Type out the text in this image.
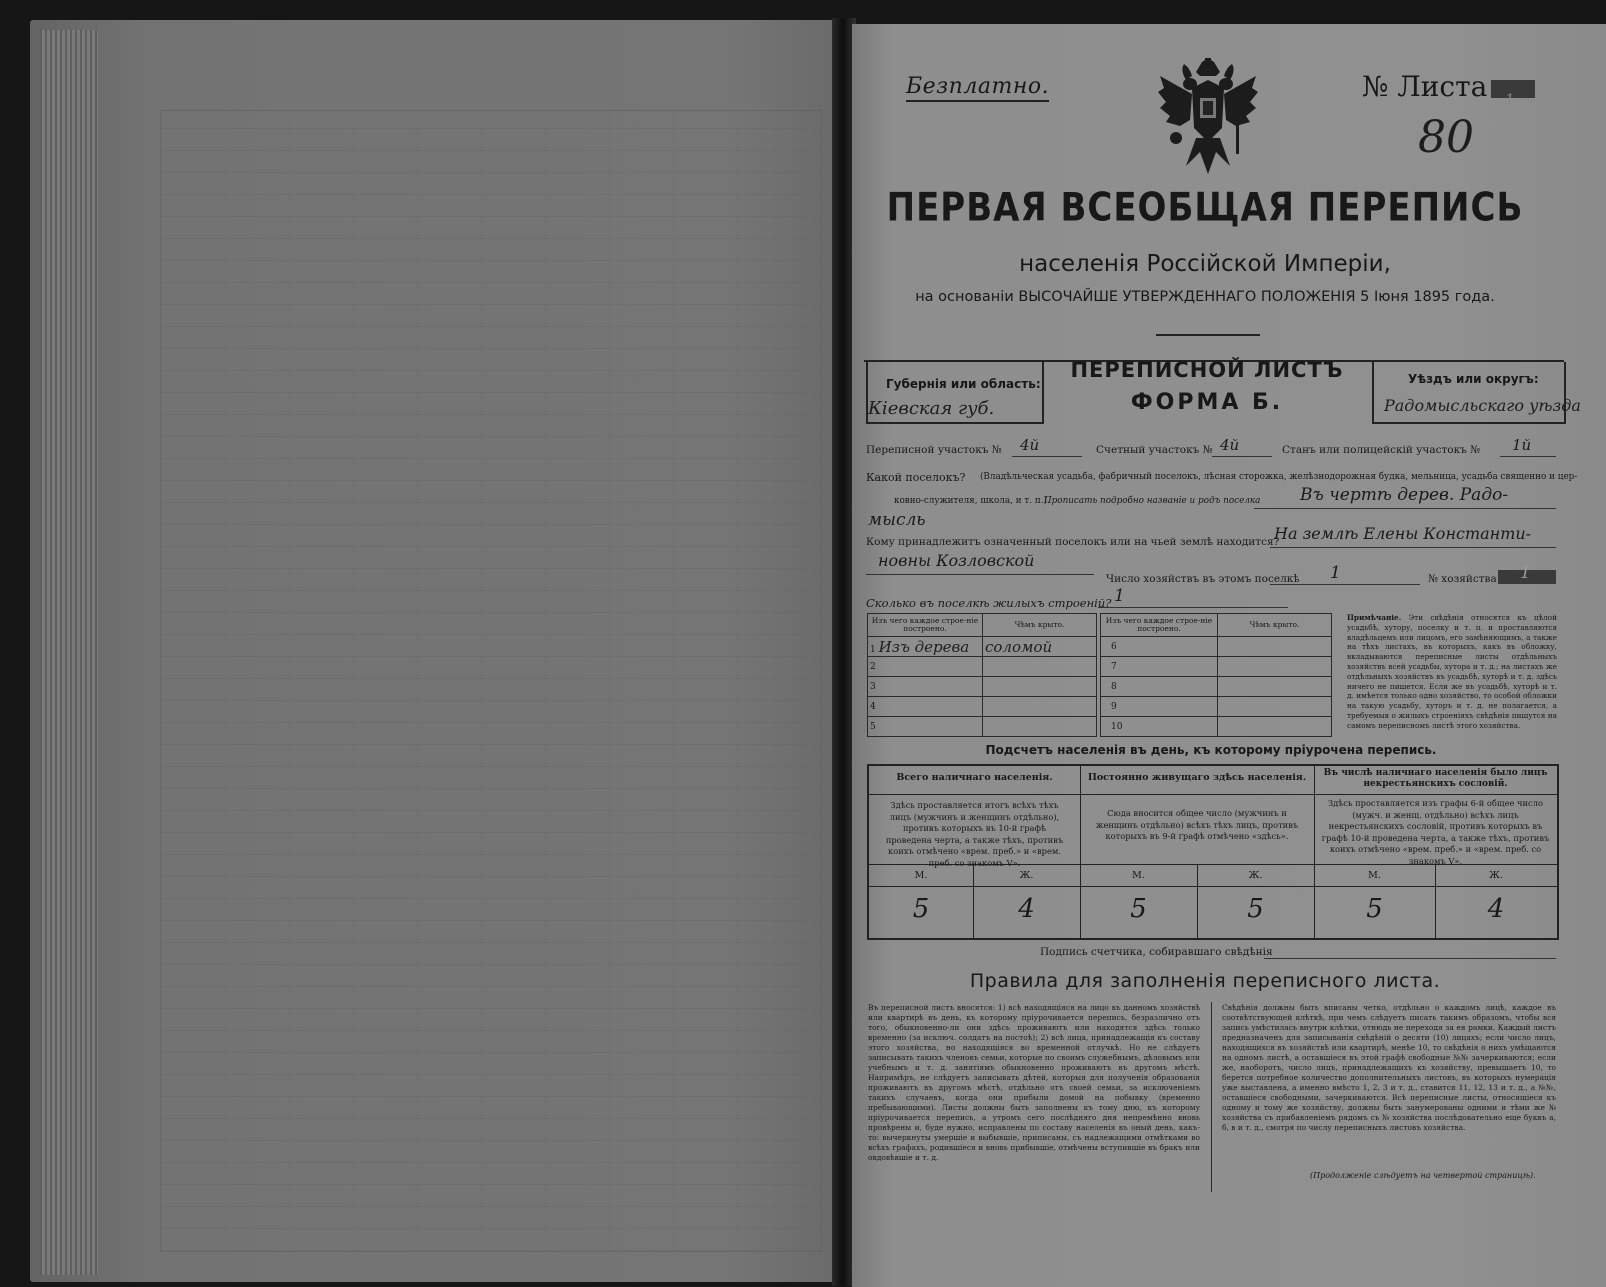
Безплатно.	№ Листа 1
80
ПЕРВАЯ ВСЕОБЩАЯ ПЕРЕПИСЬ
населенія Россійской Имперіи,
на основаніи ВЫСОЧАЙШЕ УТВЕРЖДЕННАГО ПОЛОЖЕНІЯ 5 Іюня 1895 года.
Губернія или область:
Кіевская губ.
ПЕРЕПИСНОЙ ЛИСТЪ
ФОРМА Б.
Уѣздъ или округъ:
Радомысльскаго уѣзда
Переписной участокъ № 4й	Счетный участокъ № 4й	Станъ или полицейскій участокъ № 1й
Какой поселокъ? (Владѣльческая усадьба, фабричный поселокъ, лѣсная сторожка, желѣзнодорожная будка, мельница, усадьба священно и цер-
ковно-служителя, школа, и т. п.).
Прописать подробно названіе и родъ поселка Въ чертѣ дерев. Радо-
мысль
Кому принадлежитъ означенный поселокъ или на чьей землѣ находится?
На землѣ Елены Константи-
новны Козловской
Число хозяйствъ въ этомъ поселкѣ 1	№ хозяйства 1
Сколько въ поселкѣ жилыхъ строеній? 1
Изъ чего каждое строе-ніе построено.	Чѣмъ крыто.
1 Изъ дерева	соломой
2	
3	
4	
5	
Изъ чего каждое строе-ніе построено.	Чѣмъ крыто.
6	
7	
8	
9	
10	
Примѣчаніе. Эти свѣдѣнія относятся къ цѣлой усадьбѣ, хутору, поселку и т. п. и проставляются владѣльцемъ или лицомъ, его замѣняющимъ, а также на тѣхъ листахъ, въ которыхъ, какъ въ обложку, вкладываются переписные листы отдѣльныхъ хозяйствъ всей усадьбы, хутора и т. д.; на листахъ же отдѣльныхъ хозяйствъ въ усадьбѣ, хуторѣ и т. д. здѣсь ничего не пишется. Если же въ усадьбѣ, хуторѣ и т. д. имѣется только одно хозяйство, то особой обложки на такую усадьбу, хуторъ и т. д. не полагается, а требуемыя о жилыхъ строеніяхъ свѣдѣнія пишутся на самомъ переписномъ листѣ этого хозяйства.
Подсчетъ населенія въ день, къ которому пріурочена перепись.
Всего наличнаго населенія.	Постоянно живущаго здѣсь населенія.	Въ числѣ наличнаго населенія было лицъ некрестьянскихъ сословій.
Здѣсь проставляется итогъ всѣхъ тѣхъ лицъ (мужчинъ и женщинъ отдѣльно), противъ которыхъ въ 10-й графѣ проведена черта, а также тѣхъ, противъ коихъ отмѣчено «врем. преб.» и «врем. преб. со знакомъ V».
Сюда вносится общее число (мужчинъ и женщинъ отдѣльно) всѣхъ тѣхъ лицъ, противъ которыхъ въ 9-й графѣ отмѣчено «здѣсь».
Здѣсь проставляется изъ графы 6-й общее число (мужч. и женщ. отдѣльно) всѣхъ лицъ некрестьянскихъ сословій, противъ которыхъ въ графѣ 10-й проведена черта, а также тѣхъ, противъ коихъ отмѣчено «врем. преб.» и «врем. преб. со знакомъ V».
М.	Ж.	М.	Ж.	М.	Ж.
5	4	5	5	5	4
Подпись счетчика, собиравшаго свѣдѣнія
Правила для заполненія переписного листа.
Въ переписной листъ вносятся: 1) всѣ находящіяся на лицо въ данномъ хозяйствѣ или квартирѣ въ день, къ которому пріурочивается перепись, безразлично отъ того, обыкновенно-ли они здѣсь проживаютъ или находятся здѣсь только временно (за исключ. солдатъ на постоѣ); 2) всѣ лица, принадлежащія къ составу этого хозяйства, но находящіяся во временной отлучкѣ. Но не слѣдуетъ записывать такихъ членовъ семьи, которые по своимъ служебнымъ, дѣловымъ или учебнымъ и т. д. занятіямъ обыкновенно проживаютъ въ другомъ мѣстѣ. Напримѣръ, не слѣдуетъ записывать дѣтей, которыя для полученія образованія проживаютъ въ другомъ мѣстѣ, отдѣльно отъ своей семьи, за исключеніемъ такихъ случаевъ, когда они прибыли домой на побывку (временно пребывающими). Листы должны быть заполнены къ тому дню, къ которому пріурочивается перепись, а утромъ сего послѣдняго дня непремѣнно вновь провѣрены и, буде нужно, исправлены по составу населенія въ оный день, какъ-то: вычеркнуты умершіе и выбывшіе, приписаны, съ надлежащими отмѣтками во всѣхъ графахъ, родившіеся и вновь прибывшіе, отмѣчены вступившіе въ бракъ или овдовѣвшіе и т. д.
Свѣдѣнія должны быть вписаны четко, отдѣльно о каждомъ лицѣ, каждое въ соотвѣтствующей клѣткѣ, при чемъ слѣдуетъ писать такимъ образомъ, чтобы вся запись умѣстилась внутри клѣтки, отнюдь не переходя за ея рамки. Каждый листъ предназначенъ для записыванія свѣдѣній о десяти (10) лицахъ; если число лицъ, находящихся въ хозяйствѣ или квартирѣ, менѣе 10, то свѣдѣнія о нихъ умѣщаются на одномъ листѣ, а оставшіеся въ этой графѣ свободные №№ зачеркиваются; если же, наоборотъ, число лицъ, принадлежащихъ къ хозяйству, превышаетъ 10, то берется потребное количество дополнительныхъ листовъ, въ которыхъ нумерація уже выставлена, а именно вмѣсто 1, 2, 3 и т. д., ставится 11, 12, 13 и т. д., а №№, оставшіеся свободными, зачеркиваются. Всѣ переписные листы, относящіеся къ одному и тому же хозяйству, должны быть занумерованы одними и тѣми же № хозяйства съ прибавленіемъ рядомъ съ № хозяйства послѣдовательно еще буквъ а, б, в и т. д., смотря по числу переписныхъ листовъ хозяйства.
(Продолженіе слѣдуетъ на четвертой страницѣ).
